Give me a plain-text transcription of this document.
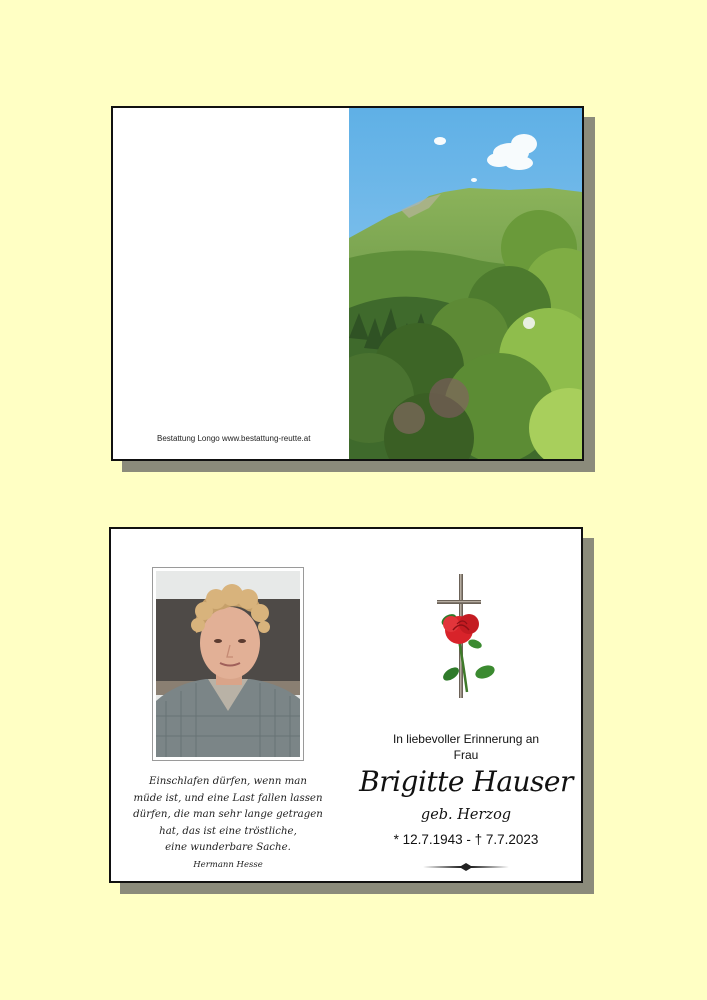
Bestattung Longo www.bestattung-reutte.at
Einschlafen dürfen, wenn man
müde ist, und eine Last fallen lassen
dürfen, die man sehr lange getragen
hat, das ist eine tröstliche,
eine wunderbare Sache.
Hermann Hesse
In liebevoller Erinnerung an
Frau
Brigitte Hauser
geb. Herzog
* 12.7.1943 - † 7.7.2023
